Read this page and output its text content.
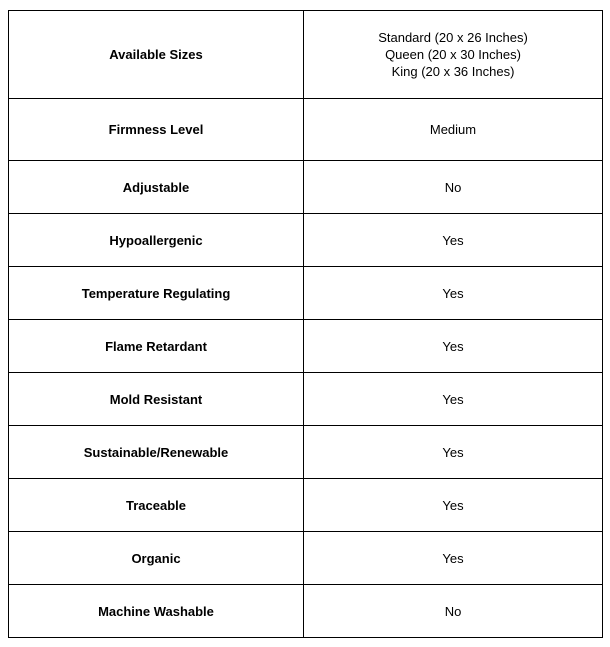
Available Sizes	Standard (20 x 26 Inches)
Queen (20 x 30 Inches)
King (20 x 36 Inches)

Firmness Level	Medium
Adjustable	No
Hypoallergenic	Yes
Temperature Regulating	Yes
Flame Retardant	Yes
Mold Resistant	Yes
Sustainable/Renewable	Yes
Traceable	Yes
Organic	Yes
Machine Washable	No
